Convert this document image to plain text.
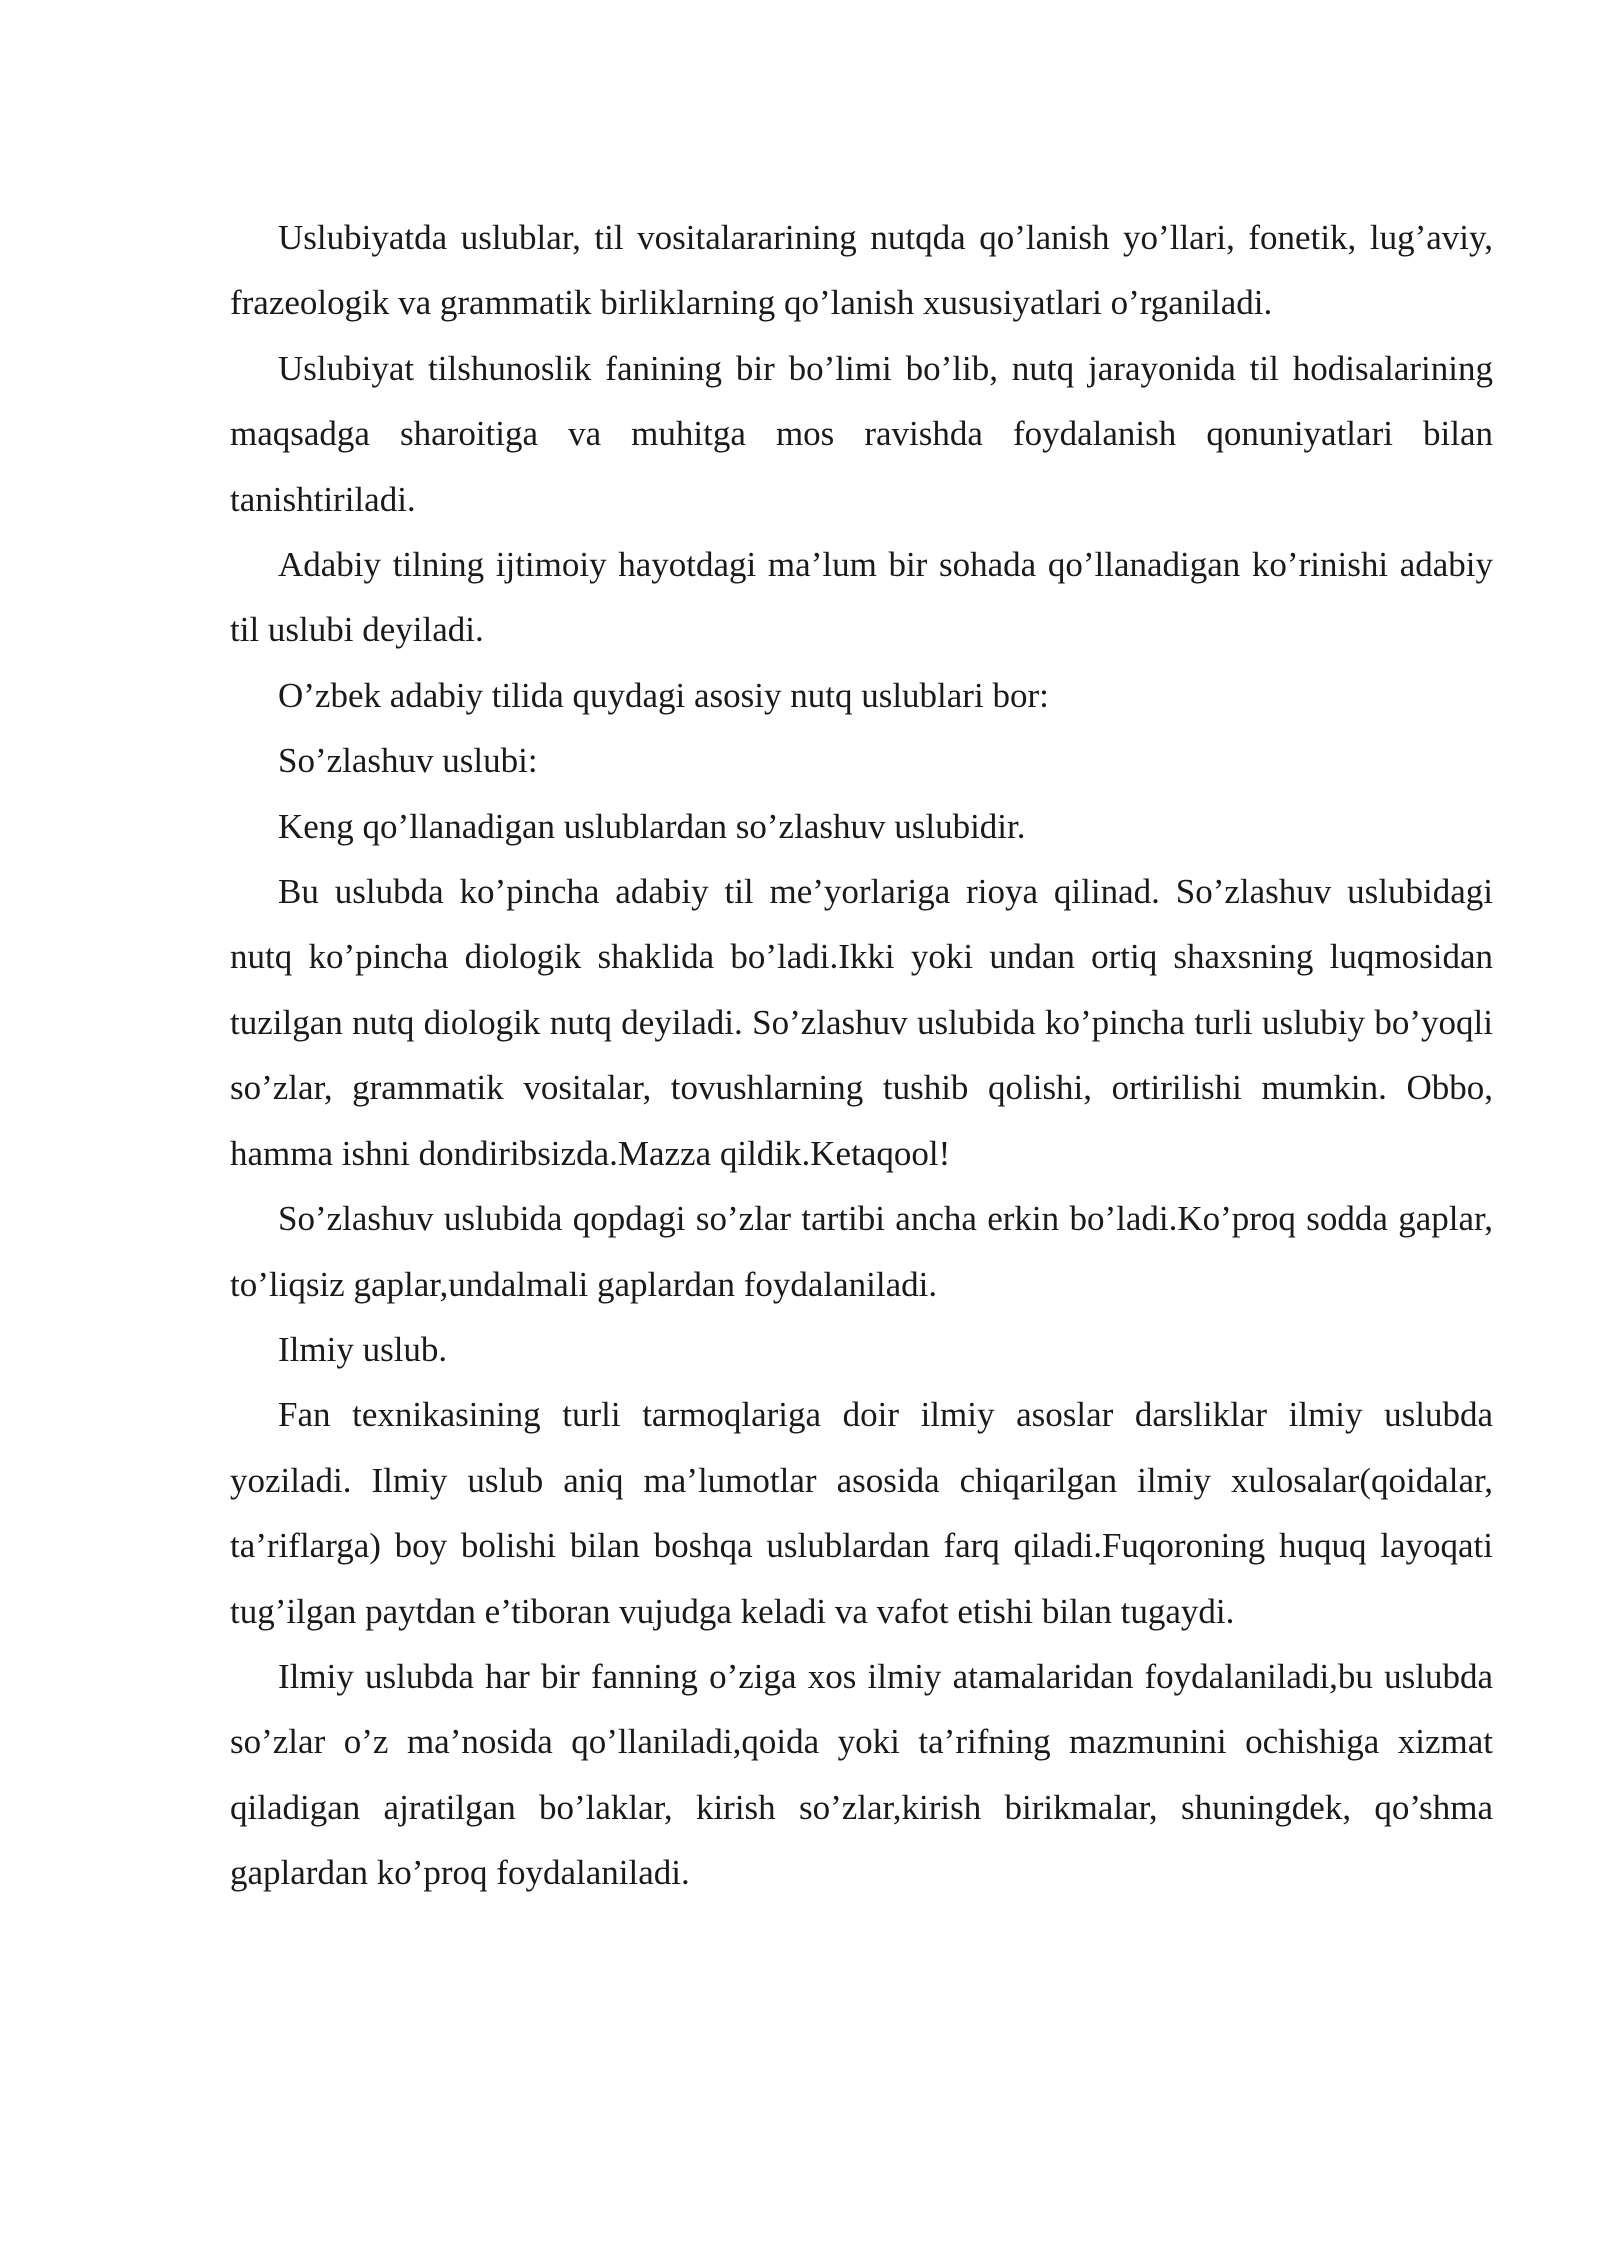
Uslubiyatda uslublar, til vositalararining nutqda qo’lanish yo’llari, fonetik, lug’aviy, frazeologik va grammatik birliklarning qo’lanish xususiyatlari o’rganiladi.

Uslubiyat tilshunoslik fanining bir bo’limi bo’lib, nutq jarayonida til hodisalarining maqsadga sharoitiga va muhitga mos ravishda foydalanish qonuniyatlari bilan tanishtiriladi.

Adabiy tilning ijtimoiy hayotdagi ma’lum bir sohada qo’llanadigan ko’rinishi adabiy til uslubi deyiladi.

O’zbek adabiy tilida quydagi asosiy nutq uslublari bor:

So’zlashuv uslubi:

Keng qo’llanadigan uslublardan so’zlashuv uslubidir.

Bu uslubda ko’pincha adabiy til me’yorlariga rioya qilinad. So’zlashuv uslubidagi nutq ko’pincha diologik shaklida bo’ladi.Ikki yoki undan ortiq shaxsning luqmosidan tuzilgan nutq diologik nutq deyiladi. So’zlashuv uslubida ko’pincha turli uslubiy bo’yoqli so’zlar, grammatik vositalar, tovushlarning tushib qolishi, ortirilishi mumkin. Obbo, hamma ishni dondiribsizda.Mazza qildik.Ketaqool!

So’zlashuv uslubida qopdagi so’zlar tartibi ancha erkin bo’ladi.Ko’proq sodda gaplar, to’liqsiz gaplar,undalmali gaplardan foydalaniladi.

Ilmiy uslub.

Fan texnikasining turli tarmoqlariga doir ilmiy asoslar darsliklar ilmiy uslubda yoziladi. Ilmiy uslub aniq ma’lumotlar asosida chiqarilgan ilmiy xulosalar(qoidalar, ta’riflarga) boy bolishi bilan boshqa uslublardan farq qiladi.Fuqoroning huquq layoqati tug’ilgan paytdan e’tiboran vujudga keladi va vafot etishi bilan tugaydi.

Ilmiy uslubda har bir fanning o’ziga xos ilmiy atamalaridan foydalaniladi,bu uslubda so’zlar o’z ma’nosida qo’llaniladi,qoida yoki ta’rifning mazmunini ochishiga xizmat qiladigan ajratilgan bo’laklar, kirish so’zlar,kirish birikmalar, shuningdek, qo’shma gaplardan ko’proq foydalaniladi.
